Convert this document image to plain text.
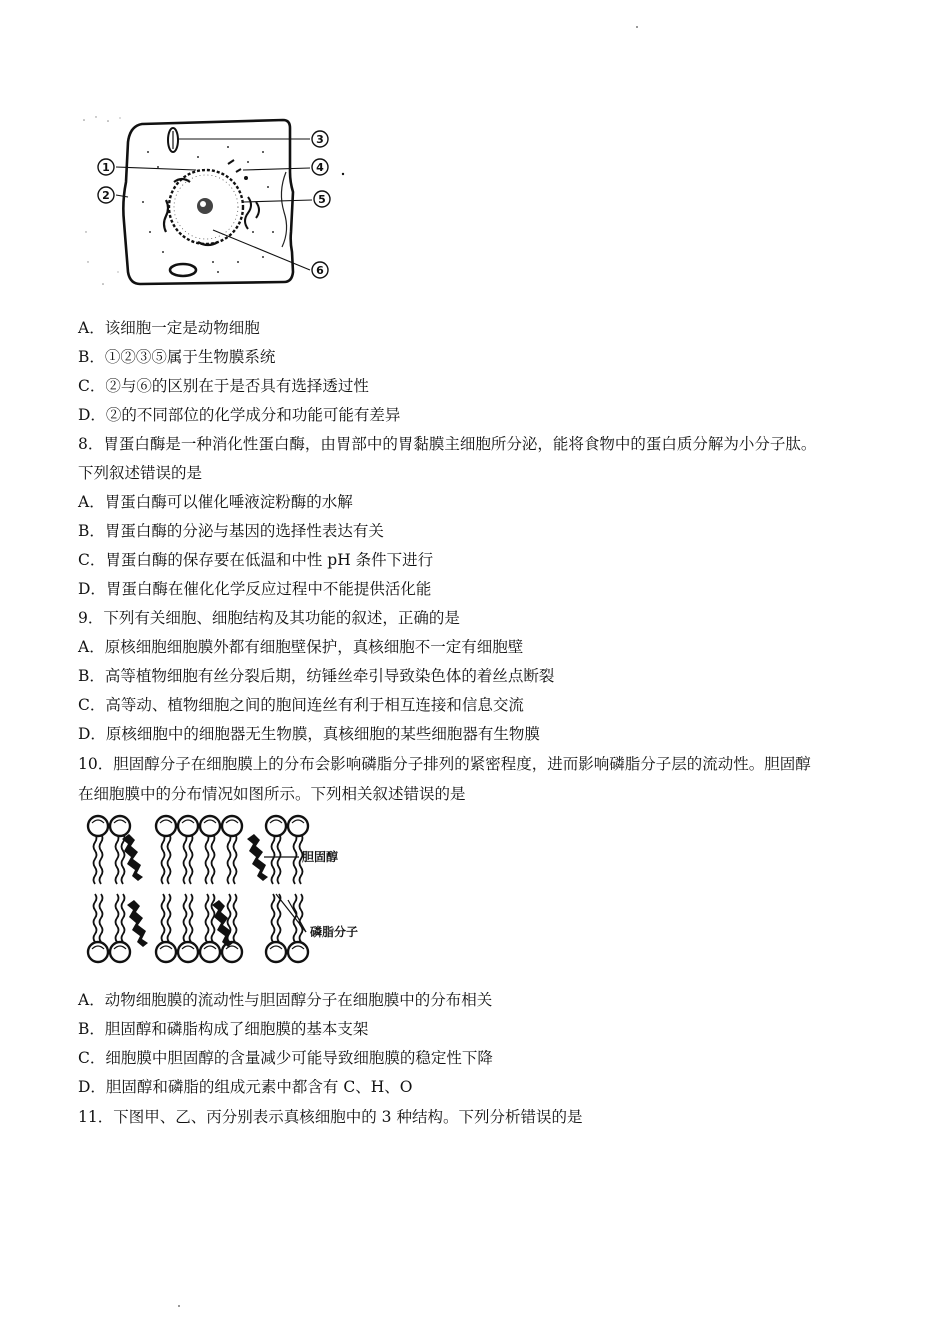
1
2
3
4
5
6
A．该细胞一定是动物细胞
B．①②③⑤属于生物膜系统
C．②与⑥的区别在于是否具有选择透过性
D．②的不同部位的化学成分和功能可能有差异
8．胃蛋白酶是一种消化性蛋白酶，由胃部中的胃黏膜主细胞所分泌，能将食物中的蛋白质分解为小分子肽。
下列叙述错误的是
A．胃蛋白酶可以催化唾液淀粉酶的水解
B．胃蛋白酶的分泌与基因的选择性表达有关
C．胃蛋白酶的保存要在低温和中性 pH 条件下进行
D．胃蛋白酶在催化化学反应过程中不能提供活化能
9．下列有关细胞、细胞结构及其功能的叙述，正确的是
A．原核细胞细胞膜外都有细胞壁保护，真核细胞不一定有细胞壁
B．高等植物细胞有丝分裂后期，纺锤丝牵引导致染色体的着丝点断裂
C．高等动、植物细胞之间的胞间连丝有利于相互连接和信息交流
D．原核细胞中的细胞器无生物膜，真核细胞的某些细胞器有生物膜
10．胆固醇分子在细胞膜上的分布会影响磷脂分子排列的紧密程度，进而影响磷脂分子层的流动性。胆固醇
在细胞膜中的分布情况如图所示。下列相关叙述错误的是
胆固醇
磷脂分子
A．动物细胞膜的流动性与胆固醇分子在细胞膜中的分布相关
B．胆固醇和磷脂构成了细胞膜的基本支架
C．细胞膜中胆固醇的含量减少可能导致细胞膜的稳定性下降
D．胆固醇和磷脂的组成元素中都含有 C、H、O
11．下图甲、乙、丙分别表示真核细胞中的 3 种结构。下列分析错误的是
